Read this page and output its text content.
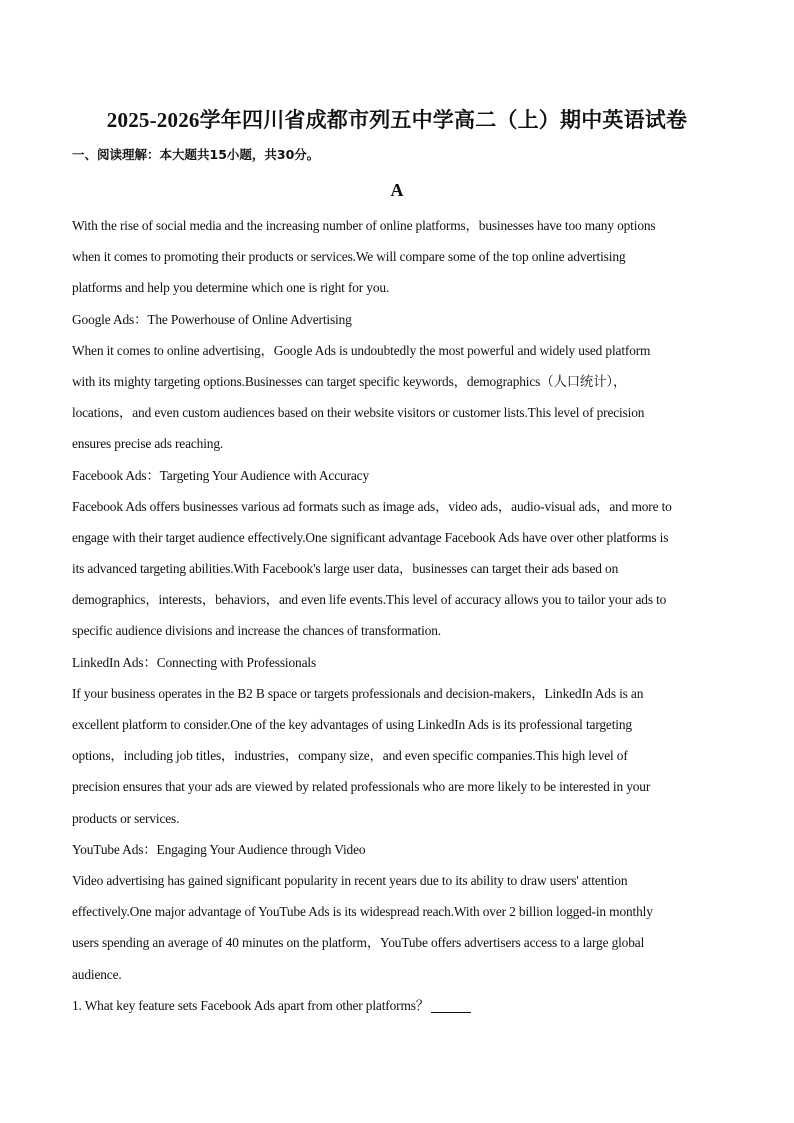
2025-2026学年四川省成都市列五中学高二（上）期中英语试卷
一、阅读理解：本大题共15小题，共30分。
A
With the rise of social media and the increasing number of online platforms，businesses have too many options
when it comes to promoting their products or services.We will compare some of the top online advertising
platforms and help you determine which one is right for you.
Google Ads：The Powerhouse of Online Advertising
When it comes to online advertising，Google Ads is undoubtedly the most powerful and widely used platform
with its mighty targeting options.Businesses can target specific keywords，demographics（人口统计），
locations，and even custom audiences based on their website visitors or customer lists.This level of precision
ensures precise ads reaching.
Facebook Ads：Targeting Your Audience with Accuracy
Facebook Ads offers businesses various ad formats such as image ads，video ads，audio-visual ads，and more to
engage with their target audience effectively.One significant advantage Facebook Ads have over other platforms is
its advanced targeting abilities.With Facebook's large user data，businesses can target their ads based on
demographics，interests，behaviors，and even life events.This level of accuracy allows you to tailor your ads to
specific audience divisions and increase the chances of transformation.
LinkedIn Ads：Connecting with Professionals
If your business operates in the B2 B space or targets professionals and decision-makers，LinkedIn Ads is an
excellent platform to consider.One of the key advantages of using LinkedIn Ads is its professional targeting
options，including job titles，industries，company size，and even specific companies.This high level of
precision ensures that your ads are viewed by related professionals who are more likely to be interested in your
products or services.
YouTube Ads：Engaging Your Audience through Video
Video advertising has gained significant popularity in recent years due to its ability to draw users' attention
effectively.One major advantage of YouTube Ads is its widespread reach.With over 2 billion logged-in monthly
users spending an average of 40 minutes on the platform，YouTube offers advertisers access to a large global
audience.
1. What key feature sets Facebook Ads apart from other platforms？
